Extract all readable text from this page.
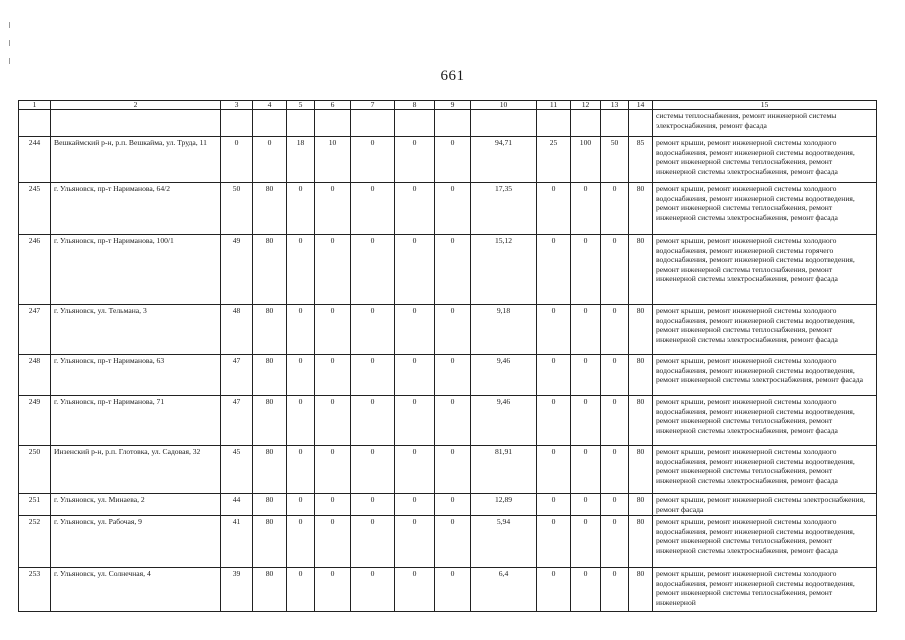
661
1	2	3	4	5	6	7	8	9	10	11	12	13	14	15
														системы теплоснабжения, ремонт инженерной системы электроснабжения, ремонт фасада
244	Вешкаймский р-н, р.п. Вешкайма, ул. Труда, 11	0	0	18	10	0	0	0	94,71	25	100	50	85	ремонт крыши, ремонт инженерной системы холодного водоснабжения, ремонт инженерной системы водоотведения, ремонт инженерной системы теплоснабжения, ремонт инженерной системы электроснабжения, ремонт фасада
245	г. Ульяновск, пр-т Нариманова, 64/2	50	80	0	0	0	0	0	17,35	0	0	0	80	ремонт крыши, ремонт инженерной системы холодного водоснабжения, ремонт инженерной системы водоотведения, ремонт инженерной системы теплоснабжения, ремонт инженерной системы электроснабжения, ремонт фасада
246	г. Ульяновск, пр-т Нариманова, 100/1	49	80	0	0	0	0	0	15,12	0	0	0	80	ремонт крыши, ремонт инженерной системы холодного водоснабжения, ремонт инженерной системы горячего водоснабжения, ремонт инженерной системы водоотведения, ремонт инженерной системы теплоснабжения, ремонт инженерной системы электроснабжения, ремонт фасада
247	г. Ульяновск, ул. Тельмана, 3	48	80	0	0	0	0	0	9,18	0	0	0	80	ремонт крыши, ремонт инженерной системы холодного водоснабжения, ремонт инженерной системы водоотведения, ремонт инженерной системы теплоснабжения, ремонт инженерной системы электроснабжения, ремонт фасада
248	г. Ульяновск, пр-т Нариманова, 63	47	80	0	0	0	0	0	9,46	0	0	0	80	ремонт крыши, ремонт инженерной системы холодного водоснабжения, ремонт инженерной системы водоотведения, ремонт инженерной системы электроснабжения, ремонт фасада
249	г. Ульяновск, пр-т Нариманова, 71	47	80	0	0	0	0	0	9,46	0	0	0	80	ремонт крыши, ремонт инженерной системы холодного водоснабжения, ремонт инженерной системы водоотведения, ремонт инженерной системы теплоснабжения, ремонт инженерной системы электроснабжения, ремонт фасада
250	Инзенский р-н, р.п. Глотовка, ул. Садовая, 32	45	80	0	0	0	0	0	81,91	0	0	0	80	ремонт крыши, ремонт инженерной системы холодного водоснабжения, ремонт инженерной системы водоотведения, ремонт инженерной системы теплоснабжения, ремонт инженерной системы электроснабжения, ремонт фасада
251	г. Ульяновск, ул. Минаева, 2	44	80	0	0	0	0	0	12,89	0	0	0	80	ремонт крыши, ремонт инженерной системы электроснабжения, ремонт фасада
252	г. Ульяновск, ул. Рабочая, 9	41	80	0	0	0	0	0	5,94	0	0	0	80	ремонт крыши, ремонт инженерной системы холодного водоснабжения, ремонт инженерной системы водоотведения, ремонт инженерной системы теплоснабжения, ремонт инженерной системы электроснабжения, ремонт фасада
253	г. Ульяновск, ул. Солнечная, 4	39	80	0	0	0	0	0	6,4	0	0	0	80	ремонт крыши, ремонт инженерной системы холодного водоснабжения, ремонт инженерной системы водоотведения, ремонт инженерной системы теплоснабжения, ремонт инженерной
